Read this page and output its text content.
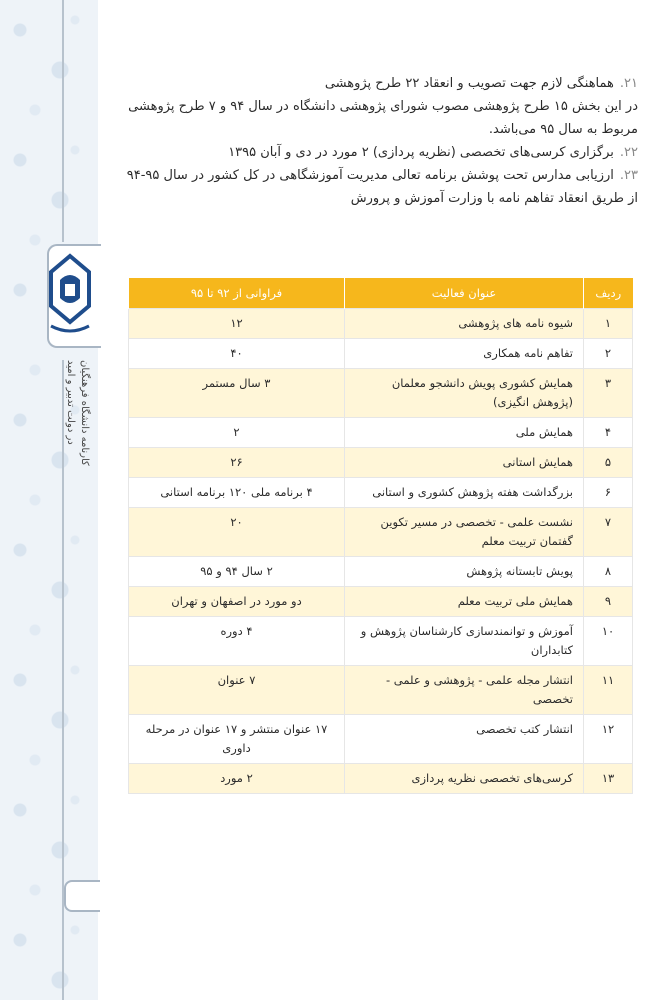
کارنامه دانشگاه فرهنگیان
در دولت تدبیر و امید

۲۱.هماهنگی لازم جهت تصویب و انعقاد ۲۲ طرح پژوهشی

در این بخش ۱۵ طرح پژوهشی مصوب شورای پژوهشی دانشگاه در سال ۹۴ و ۷ طرح پژوهشی مربوط به سال ۹۵ می‌باشد.

۲۲.برگزاری کرسی‌های تخصصی (نظریه پردازی) ۲ مورد در دی و آبان ۱۳۹۵

۲۳.ارزیابی مدارس تحت پوشش برنامه تعالی مدیریت آموزشگاهی در کل کشور در سال ۹۵-۹۴ از طریق انعقاد تفاهم نامه با وزارت آموزش و پرورش

ردیف	عنوان فعالیت	فراوانی از ۹۲ تا ۹۵
۱	شیوه نامه های پژوهشی	۱۲
۲	تفاهم نامه همکاری	۴۰
۳	همایش کشوری پویش دانشجو معلمان (پژوهش انگیزی)	۳ سال مستمر
۴	همایش ملی	۲
۵	همایش استانی	۲۶
۶	بزرگداشت هفته پژوهش کشوری و استانی	۴ برنامه ملی ۱۲۰ برنامه استانی
۷	نشست علمی - تخصصی در مسیر تکوین گفتمان تربیت معلم	۲۰
۸	پویش تابستانه پژوهش	۲ سال ۹۴ و ۹۵
۹	همایش ملی تربیت معلم	دو مورد در اصفهان و تهران
۱۰	آموزش و توانمندسازی کارشناسان پژوهش و کتابداران	۴ دوره
۱۱	انتشار مجله علمی - پژوهشی و علمی - تخصصی	۷ عنوان
۱۲	انتشار کتب تخصصی	۱۷ عنوان منتشر و ۱۷ عنوان در مرحله داوری
۱۳	کرسی‌های تخصصی نظریه پردازی	۲ مورد
